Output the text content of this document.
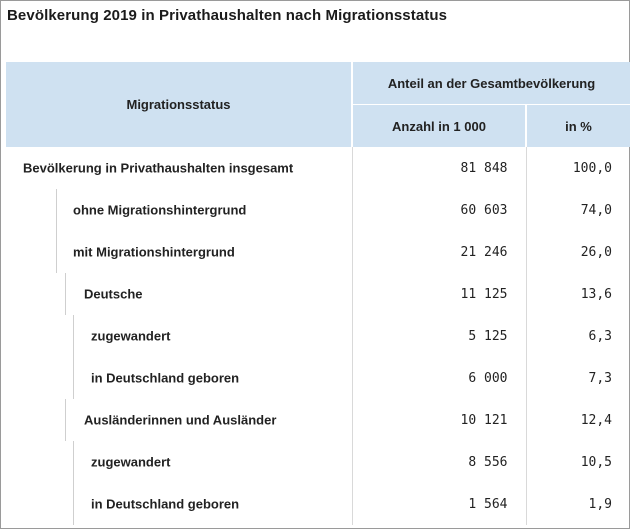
Bevölkerung 2019 in Privathaushalten nach Migrationsstatus
Migrationsstatus	Anteil an der Gesamtbevölkerung	
	Anzahl in 1 000	in %

Bevölkerung in Privathaushalten insgesamt	81 848	100,0

ohne Migrationshintergrund	60 603	74,0

mit Migrationshintergrund	21 246	26,0

Deutsche	11 125	13,6

zugewandert	5 125	6,3

in Deutschland geboren	6 000	7,3

Ausländerinnen und Ausländer	10 121	12,4

zugewandert	8 556	10,5

in Deutschland geboren	1 564	1,9
